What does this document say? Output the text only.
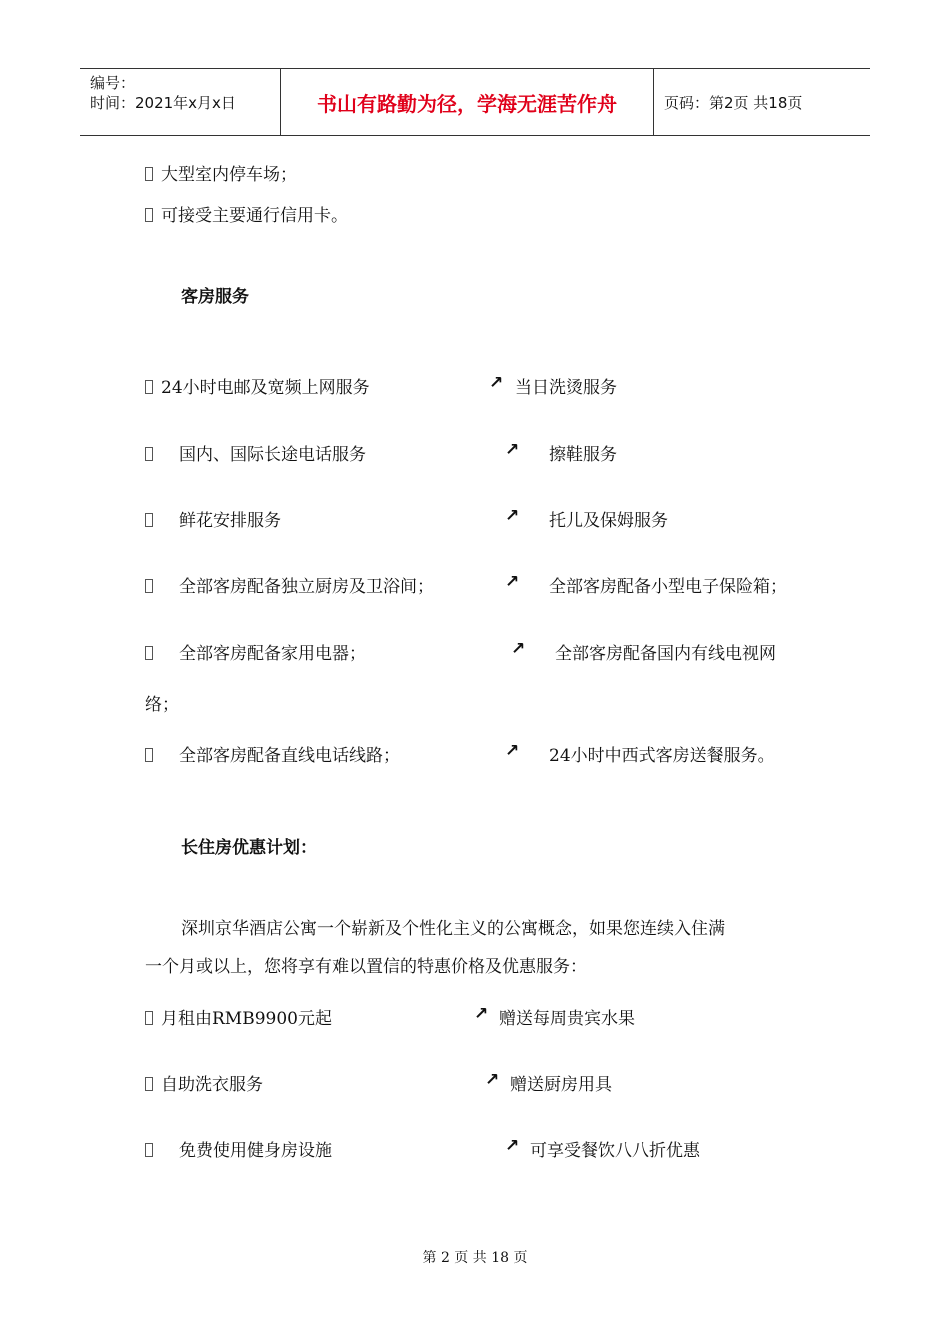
编号：
时间：2021年x月x日	书山有路勤为径，学海无涯苦作舟	页码：第2页 共18页
大型室内停车场；
可接受主要通行信用卡。
客房服务
24小时电邮及宽频上网服务	↗ 当日洗烫服务
国内、国际长途电话服务	↗ 擦鞋服务
鲜花安排服务	↗ 托儿及保姆服务
全部客房配备独立厨房及卫浴间；	↗ 全部客房配备小型电子保险箱；
全部客房配备家用电器；	↗ 全部客房配备国内有线电视网
络；
全部客房配备直线电话线路；	↗ 24小时中西式客房送餐服务。
长住房优惠计划：
深圳京华酒店公寓一个崭新及个性化主义的公寓概念，如果您连续入住满
一个月或以上，您将享有难以置信的特惠价格及优惠服务：
月租由RMB9900元起	↗ 赠送每周贵宾水果
自助洗衣服务	↗ 赠送厨房用具
免费使用健身房设施	↗ 可享受餐饮八八折优惠
第 2 页 共 18 页
